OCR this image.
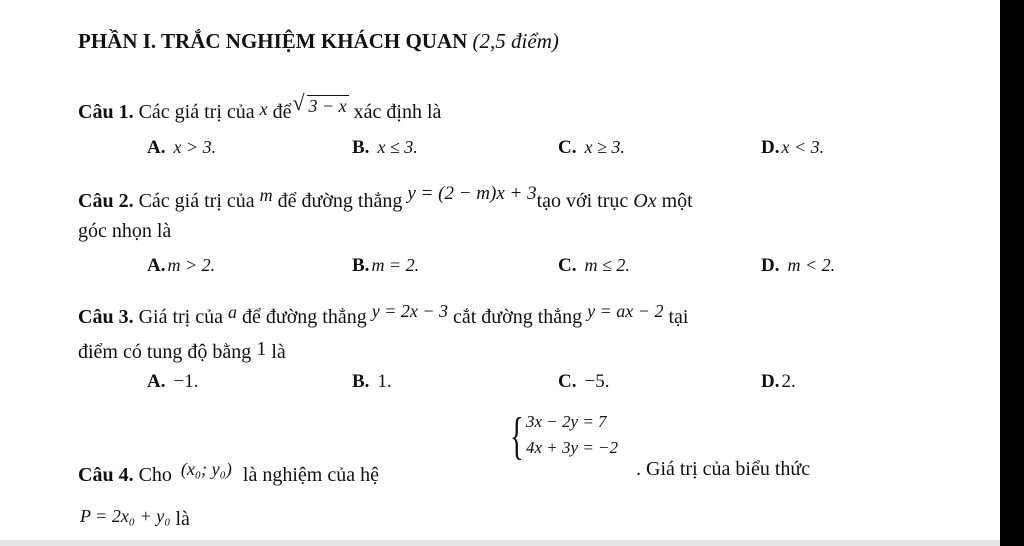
PHẦN I. TRẮC NGHIỆM KHÁCH QUAN (2,5 điểm)
Câu 1. Các giá trị của x để √ 3 − x xác định là
A. x > 3.	B. x ≤ 3.	C. x ≥ 3.	D. x < 3.
Câu 2. Các giá trị của m để đường thẳng y = (2 − m)x + 3tạo với trục Ox một
góc nhọn là
A. m > 2.	B. m = 2.	C. m ≤ 2.	D. m < 2.
Câu 3. Giá trị của a để đường thẳng y = 2x − 3 cắt đường thẳng y = ax − 2 tại
điểm có tung độ bằng 1 là
A. −1.	B. 1.	C. −5.	D. 2.
{ 3x − 2y = 7
4x + 3y = −2
Câu 4. Cho (x₀; y₀) là nghiệm của hệ	. Giá trị của biểu thức
P = 2x₀ + y₀ là
